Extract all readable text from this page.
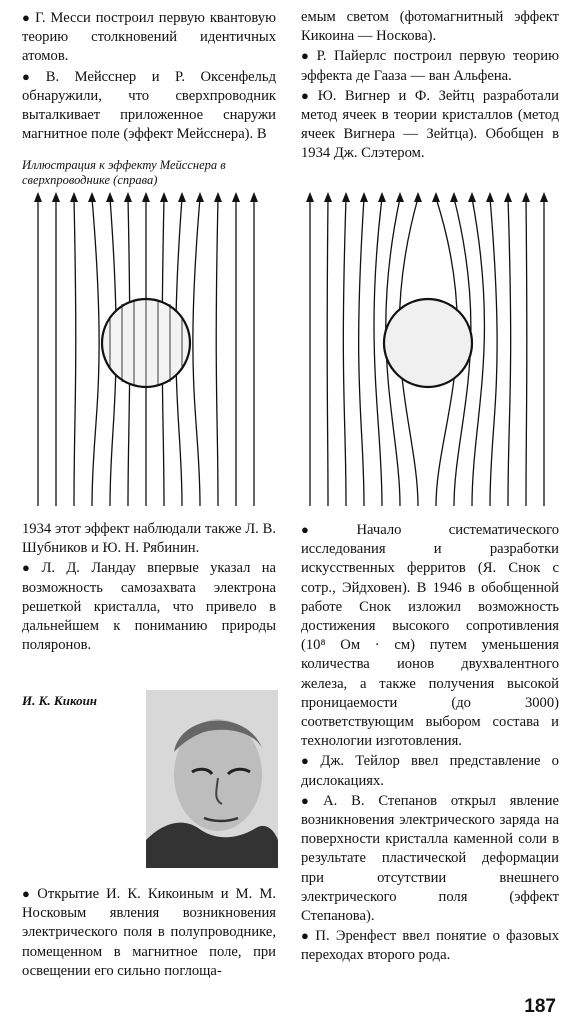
● Г. Месси построил первую квантовую теорию столкновений идентичных атомов.

● В. Мейсснер и Р. Оксенфельд обнаружили, что сверхпроводник выталкивает приложенное снаружи магнитное поле (эффект Мейсснера). В

Иллюстрация к эффекту Мейсснера в сверхпроводнике (справа)

емым светом (фотомагнитный эффект Кикоина — Носкова).

● Р. Пайерлс построил первую теорию эффекта де Гааза — ван Альфена.

● Ю. Вигнер и Ф. Зейтц разработали метод ячеек в теории кристаллов (метод ячеек Вигнера — Зейтца). Обобщен в 1934 Дж. Слэтером.

1934 этот эффект наблюдали также Л. В. Шубников и Ю. Н. Рябинин.

● Л. Д. Ландау впервые указал на возможность самозахвата электрона решеткой кристалла, что привело в дальнейшем к пониманию природы поляронов.

И. К. Кикоин

● Открытие И. К. Кикоиным и М. М. Носковым явления возникновения электрического поля в полупроводнике, помещенном в магнитное поле, при освещении его сильно поглоща-

● Начало систематического исследования и разработки искусственных ферритов (Я. Снок с сотр., Эйдховен). В 1946 в обобщенной работе Снок изложил возможность достижения высокого сопротивления (10⁸ Ом · см) путем уменьшения количества ионов двухвалентного железа, а также получения высокой проницаемости (до 3000) соответствующим выбором состава и технологии изготовления.

● Дж. Тейлор ввел представление о дислокациях.

● А. В. Степанов открыл явление возникновения электрического заряда на поверхности кристалла каменной соли в результате пластической деформации при отсутствии внешнего электрического поля (эффект Степанова).

● П. Эренфест ввел понятие о фазовых переходах второго рода.

187
